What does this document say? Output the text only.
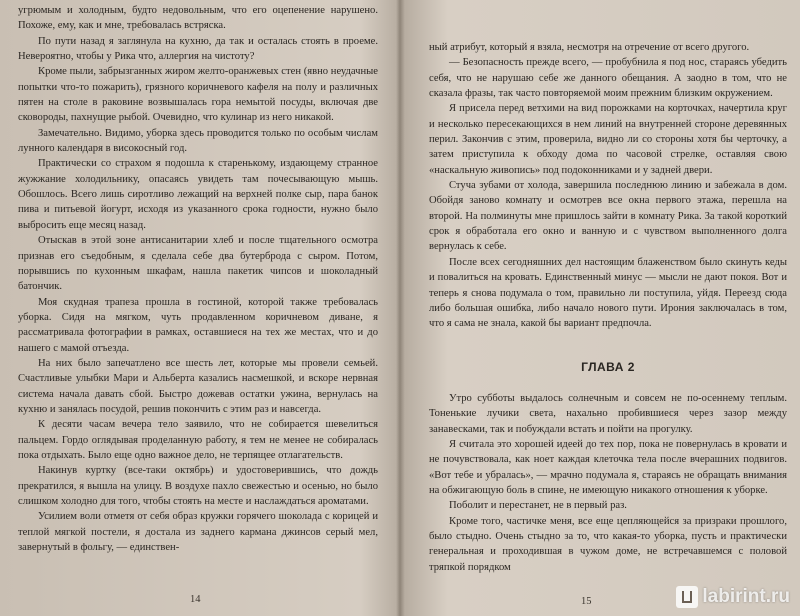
угрюмым и холодным, будто недовольным, что его оцепенение нарушено. Похоже, ему, как и мне, требовалась встряска.

По пути назад я заглянула на кухню, да так и осталась стоять в проеме. Невероятно, чтобы у Рика что, аллергия на чистоту?

Кроме пыли, забрызганных жиром желто-оранжевых стен (явно неудачные попытки что-то пожарить), грязного коричневого кафеля на полу и различных пятен на столе в раковине возвышалась гора немытой посуды, включая две сковороды, пахнущие рыбой. Очевидно, что кулинар из него никакой.

Замечательно. Видимо, уборка здесь проводится только по особым числам лунного календаря в високосный год.

Практически со страхом я подошла к старенькому, издающему странное жужжание холодильнику, опасаясь увидеть там почесывающую мышь. Обошлось. Всего лишь сиротливо лежащий на верхней полке сыр, пара банок пива и питьевой йогурт, исходя из указанного срока годности, нужно было выбросить еще месяц назад.

Отыскав в этой зоне антисанитарии хлеб и после тщательного осмотра признав его съедобным, я сделала себе два бутерброда с сыром. Потом, порывшись по кухонным шкафам, нашла пакетик чипсов и шоколадный батончик.

Моя скудная трапеза прошла в гостиной, которой также требовалась уборка. Сидя на мягком, чуть продавленном коричневом диване, я рассматривала фотографии в рамках, оставшиеся на тех же местах, что и до нашего с мамой отъезда.

На них было запечатлено все шесть лет, которые мы провели семьей. Счастливые улыбки Мари и Альберта казались насмешкой, и вскоре нервная система начала давать сбой. Быстро дожевав остатки ужина, вернулась на кухню и занялась посудой, решив покончить с этим раз и навсегда.

К десяти часам вечера тело заявило, что не собирается шевелиться пальцем. Гордо оглядывая проделанную работу, я тем не менее не собиралась пока отдыхать. Было еще одно важное дело, не терпящее отлагательств.

Накинув куртку (все-таки октябрь) и удостоверившись, что дождь прекратился, я вышла на улицу. В воздухе пахло свежестью и осенью, но было слишком холодно для того, чтобы стоять на месте и наслаждаться ароматами.

Усилием воли отметя от себя образ кружки горячего шоколада с корицей и теплой мягкой постели, я достала из заднего кармана джинсов серый мел, завернутый в фольгу, — единствен-

14

ный атрибут, который я взяла, несмотря на отречение от всего другого.

— Безопасность прежде всего, — пробубнила я под нос, стараясь убедить себя, что не нарушаю себе же данного обещания. А заодно в том, что не сказала фразы, так часто повторяемой моим прежним близким окружением.

Я присела перед ветхими на вид порожками на корточках, начертила круг и несколько пересекающихся в нем линий на внутренней стороне деревянных перил. Закончив с этим, проверила, видно ли со стороны хотя бы черточку, а затем приступила к обходу дома по часовой стрелке, оставляя свою «наскальную живопись» под подоконниками и у задней двери.

Стуча зубами от холода, завершила последнюю линию и забежала в дом. Обойдя заново комнату и осмотрев все окна первого этажа, перешла на второй. На полминуты мне пришлось зайти в комнату Рика. За такой короткий срок я обработала его окно и ванную и с чувством выполненного долга вернулась к себе.

После всех сегодняшних дел настоящим блаженством было скинуть кеды и повалиться на кровать. Единственный минус — мысли не дают покоя. Вот и теперь я снова подумала о том, правильно ли поступила, уйдя. Переезд сюда либо большая ошибка, либо начало нового пути. Ирония заключалась в том, что я сама не знала, какой бы вариант предпочла.

ГЛАВА 2

Утро субботы выдалось солнечным и совсем не по-осеннему теплым. Тоненькие лучики света, нахально пробившиеся через зазор между занавесками, так и побуждали встать и пойти на прогулку.

Я считала это хорошей идеей до тех пор, пока не повернулась в кровати и не почувствовала, как ноет каждая клеточка тела после вчерашних подвигов. «Вот тебе и убралась», — мрачно подумала я, стараясь не обращать внимания на обжигающую боль в спине, не имеющую никакого отношения к уборке.

Поболит и перестанет, не в первый раз.

Кроме того, частичке меня, все еще цепляющейся за призраки прошлого, было стыдно. Очень стыдно за то, что какая-то уборка, пусть и практически генеральная и проходившая в чужом доме, не встречавшемся с половой тряпкой порядком

15	labirint.ru
